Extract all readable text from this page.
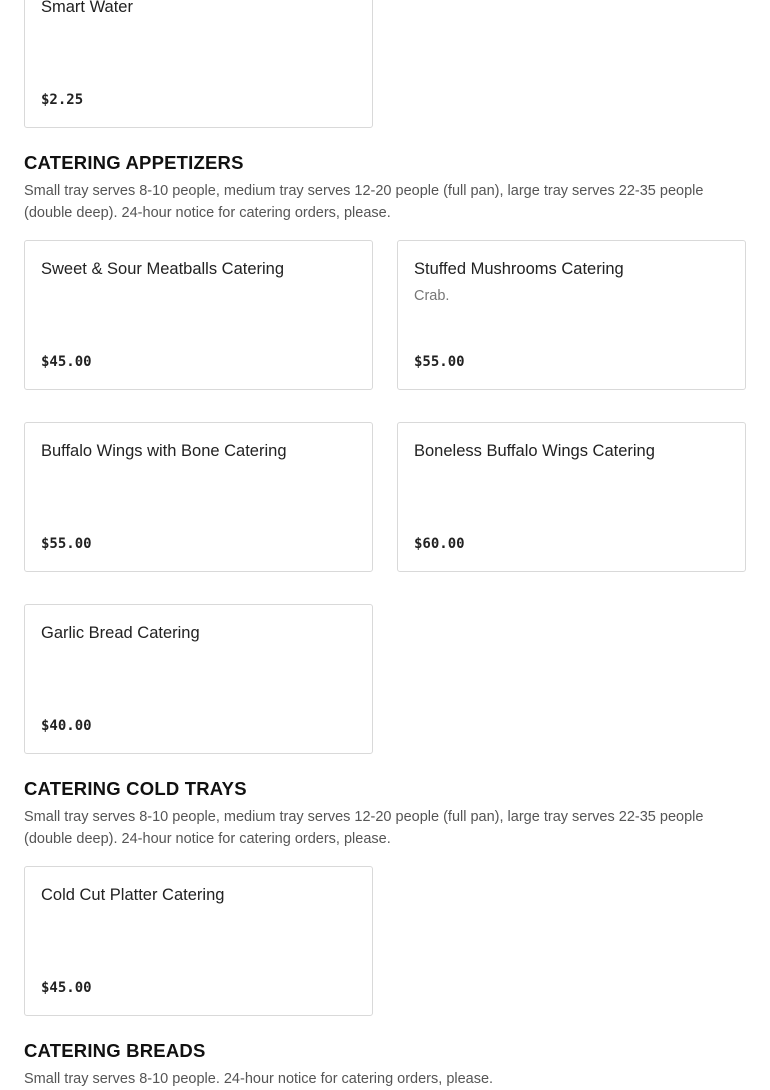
Smart Water
$2.25
CATERING APPETIZERS

Small tray serves 8-10 people, medium tray serves 12-20 people (full pan), large tray serves 22-35 people (double deep). 24-hour notice for catering orders, please.

Sweet & Sour Meatballs Catering
$45.00
Stuffed Mushrooms Catering
Crab.
$55.00
Buffalo Wings with Bone Catering
$55.00
Boneless Buffalo Wings Catering
$60.00
Garlic Bread Catering
$40.00
CATERING COLD TRAYS

Small tray serves 8-10 people, medium tray serves 12-20 people (full pan), large tray serves 22-35 people (double deep). 24-hour notice for catering orders, please.

Cold Cut Platter Catering
$45.00
CATERING BREADS

Small tray serves 8-10 people. 24-hour notice for catering orders, please.
